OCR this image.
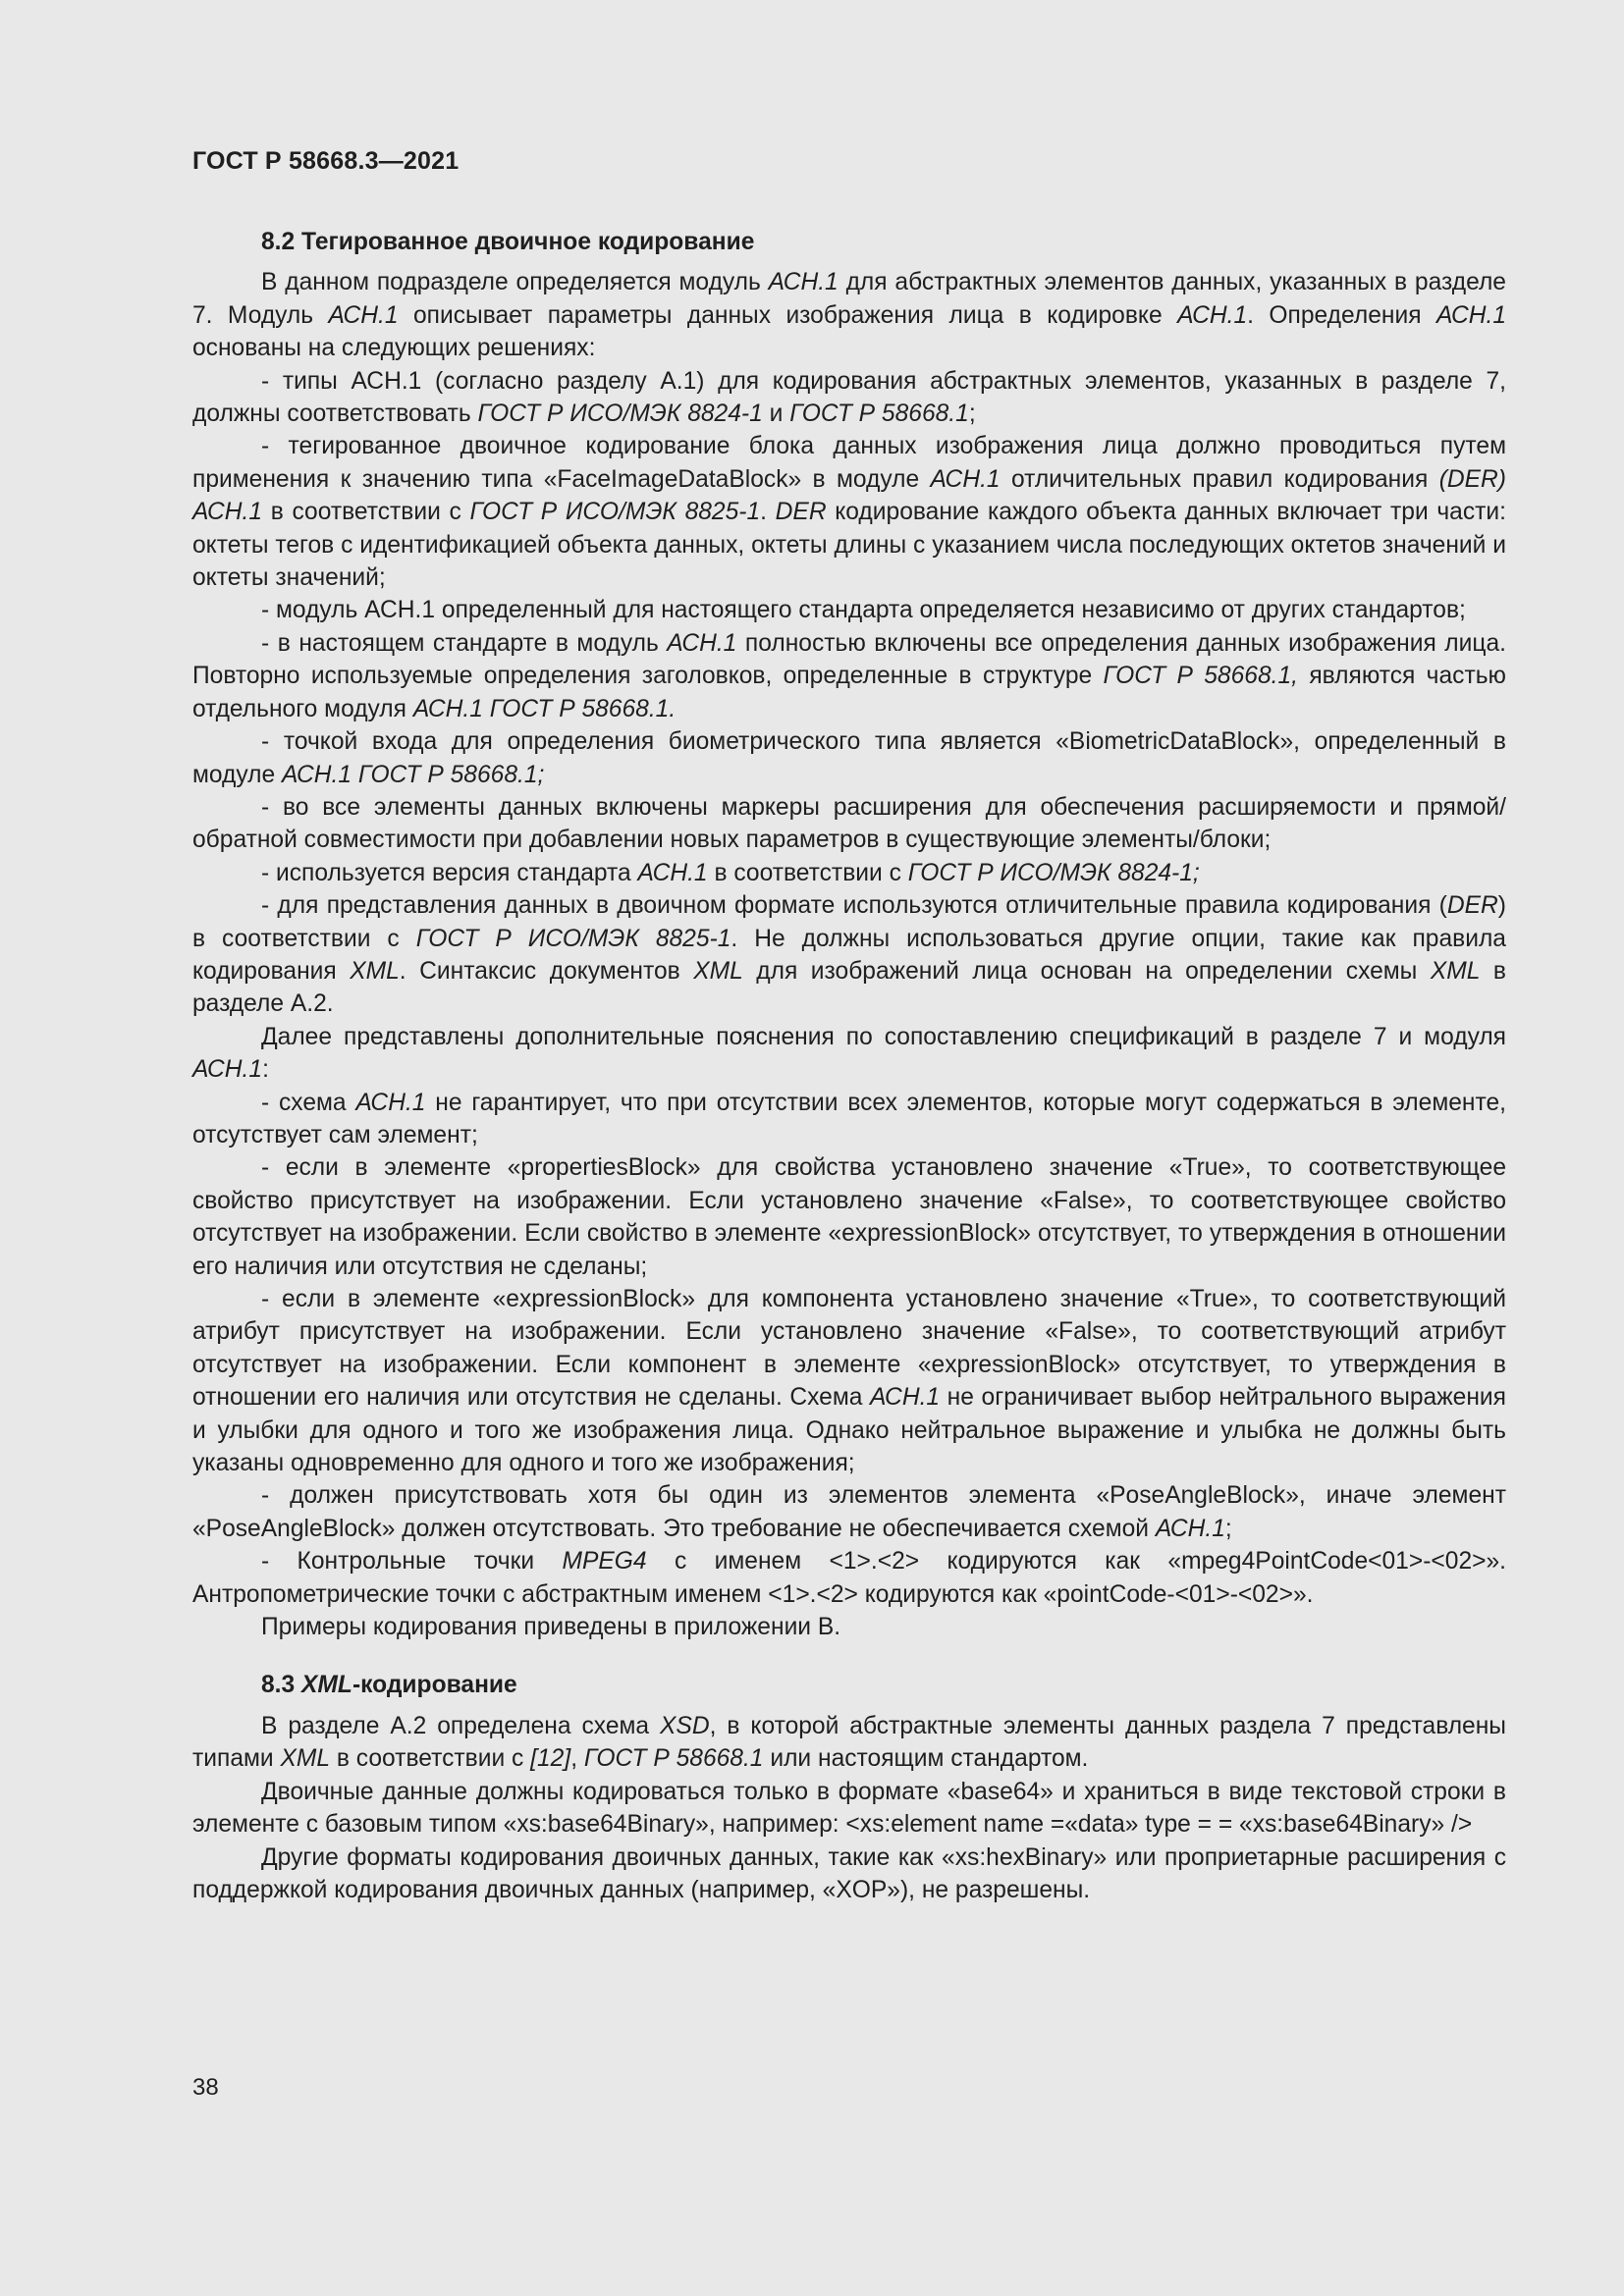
ГОСТ Р 58668.3—2021
8.2 Тегированное двоичное кодирование

В данном подразделе определяется модуль АСН.1 для абстрактных элементов данных, указанных в разделе 7. Модуль АСН.1 описывает параметры данных изображения лица в кодировке АСН.1. Определения АСН.1 основаны на следующих решениях:

- типы АСН.1 (согласно разделу А.1) для кодирования абстрактных элементов, указанных в разделе 7, должны соответствовать ГОСТ Р ИСО/МЭК 8824-1 и ГОСТ Р 58668.1;

- тегированное двоичное кодирование блока данных изображения лица должно проводиться путем применения к значению типа «FaceImageDataBlock» в модуле АСН.1 отличительных правил кодирования (DER) АСН.1 в соответствии с ГОСТ Р ИСО/МЭК 8825-1. DER кодирование каждого объекта данных включает три части: октеты тегов с идентификацией объекта данных, октеты длины с указанием числа последующих октетов значений и октеты значений;

- модуль АСН.1 определенный для настоящего стандарта определяется независимо от других стандартов;

- в настоящем стандарте в модуль АСН.1 полностью включены все определения данных изображения лица. Повторно используемые определения заголовков, определенные в структуре ГОСТ Р 58668.1, являются частью отдельного модуля АСН.1 ГОСТ Р 58668.1.

- точкой входа для определения биометрического типа является «BiometricDataBlock», определенный в модуле АСН.1 ГОСТ Р 58668.1;

- во все элементы данных включены маркеры расширения для обеспечения расширяемости и прямой/обратной совместимости при добавлении новых параметров в существующие элементы/блоки;

- используется версия стандарта АСН.1 в соответствии с ГОСТ Р ИСО/МЭК 8824-1;

- для представления данных в двоичном формате используются отличительные правила кодирования (DER) в соответствии с ГОСТ Р ИСО/МЭК 8825-1. Не должны использоваться другие опции, такие как правила кодирования XML. Синтаксис документов XML для изображений лица основан на определении схемы XML в разделе А.2.

Далее представлены дополнительные пояснения по сопоставлению спецификаций в разделе 7 и модуля АСН.1:

- схема АСН.1 не гарантирует, что при отсутствии всех элементов, которые могут содержаться в элементе, отсутствует сам элемент;

- если в элементе «propertiesBlock» для свойства установлено значение «True», то соответствующее свойство присутствует на изображении. Если установлено значение «False», то соответствующее свойство отсутствует на изображении. Если свойство в элементе «expressionBlock» отсутствует, то утверждения в отношении его наличия или отсутствия не сделаны;

- если в элементе «expressionBlock» для компонента установлено значение «True», то соответствующий атрибут присутствует на изображении. Если установлено значение «False», то соответствующий атрибут отсутствует на изображении. Если компонент в элементе «expressionBlock» отсутствует, то утверждения в отношении его наличия или отсутствия не сделаны. Схема АСН.1 не ограничивает выбор нейтрального выражения и улыбки для одного и того же изображения лица. Однако нейтральное выражение и улыбка не должны быть указаны одновременно для одного и того же изображения;

- должен присутствовать хотя бы один из элементов элемента «PoseAngleBlock», иначе элемент «PoseAngleBlock» должен отсутствовать. Это требование не обеспечивается схемой АСН.1;

- Контрольные точки MPEG4 с именем <1>.<2> кодируются как «mpeg4PointCode<01>-<02>». Антропометрические точки с абстрактным именем <1>.<2> кодируются как «pointCode-<01>-<02>».

Примеры кодирования приведены в приложении В.

8.3 XML-кодирование

В разделе А.2 определена схема XSD, в которой абстрактные элементы данных раздела 7 представлены типами XML в соответствии с [12], ГОСТ Р 58668.1 или настоящим стандартом.

Двоичные данные должны кодироваться только в формате «base64» и храниться в виде текстовой строки в элементе с базовым типом «xs:base64Binary», например: <xs:element name =«data» type = = «xs:base64Binary» />

Другие форматы кодирования двоичных данных, такие как «xs:hexBinary» или проприетарные расширения с поддержкой кодирования двоичных данных (например, «XOP»), не разрешены.

38
